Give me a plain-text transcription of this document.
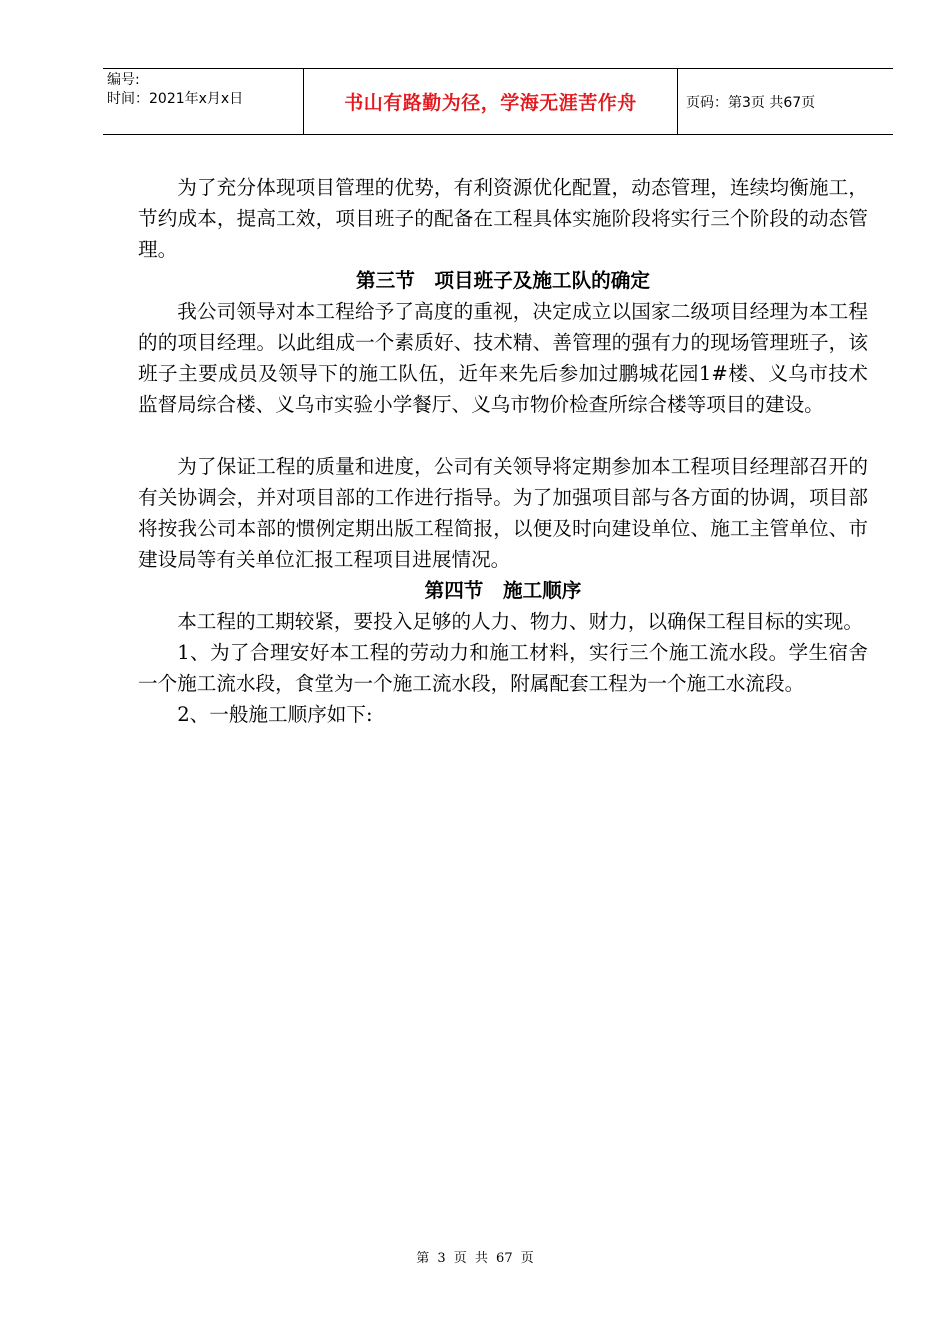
编号:
时间：2021年x月x日	书山有路勤为径，学海无涯苦作舟	页码：第3页 共67页

为了充分体现项目管理的优势，有利资源优化配置，动态管理，连续均衡施工，节约成本，提高工效，项目班子的配备在工程具体实施阶段将实行三个阶段的动态管理。

第三节　项目班子及施工队的确定

我公司领导对本工程给予了高度的重视，决定成立以国家二级项目经理为本工程的的项目经理。以此组成一个素质好、技术精、善管理的强有力的现场管理班子，该班子主要成员及领导下的施工队伍，近年来先后参加过鹏城花园1#楼、义乌市技术监督局综合楼、义乌市实验小学餐厅、义乌市物价检查所综合楼等项目的建设。

为了保证工程的质量和进度，公司有关领导将定期参加本工程项目经理部召开的有关协调会，并对项目部的工作进行指导。为了加强项目部与各方面的协调，项目部将按我公司本部的惯例定期出版工程简报，以便及时向建设单位、施工主管单位、市建设局等有关单位汇报工程项目进展情况。

第四节　施工顺序

本工程的工期较紧，要投入足够的人力、物力、财力，以确保工程目标的实现。

1、为了合理安好本工程的劳动力和施工材料，实行三个施工流水段。学生宿舍一个施工流水段，食堂为一个施工流水段，附属配套工程为一个施工水流段。

2、一般施工顺序如下:

第 3 页 共 67 页
